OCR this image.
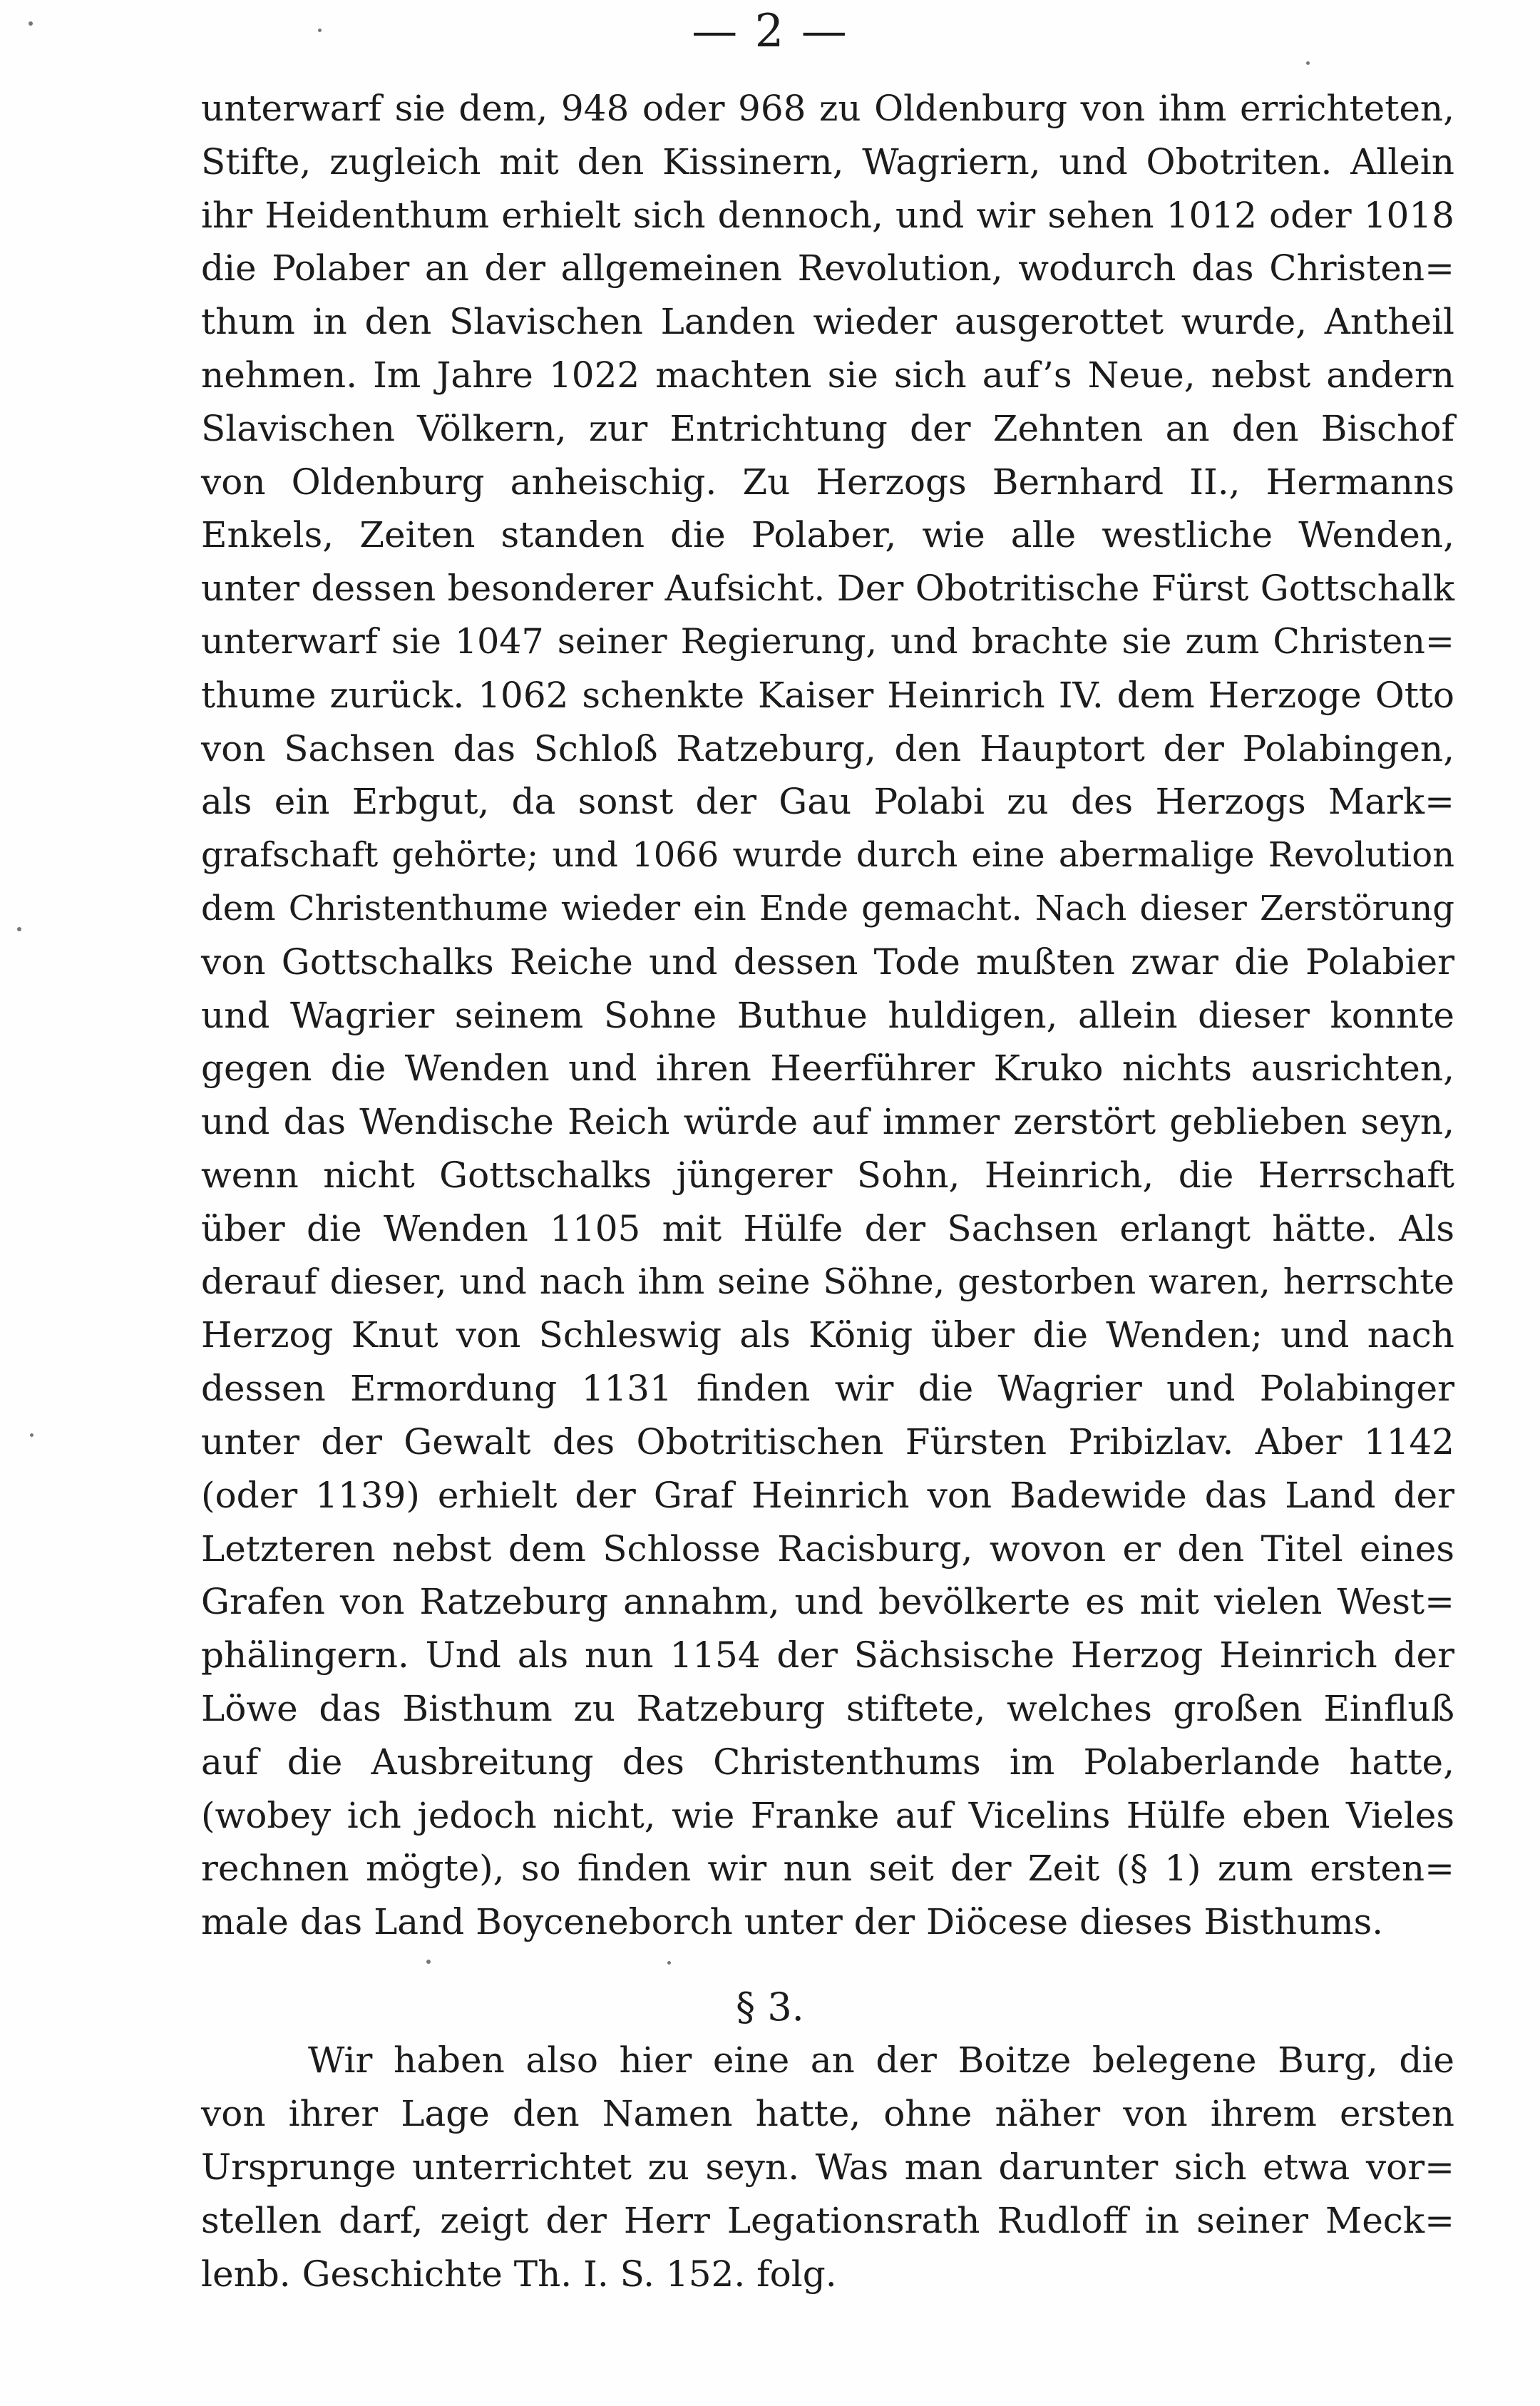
— 2 —
unterwarf sie dem, 948 oder 968 zu Oldenburg von ihm errichteten,
Stifte, zugleich mit den Kissinern, Wagriern, und Obotriten. Allein
ihr Heidenthum erhielt sich dennoch, und wir sehen 1012 oder 1018
die Polaber an der allgemeinen Revolution, wodurch das Christen=
thum in den Slavischen Landen wieder ausgerottet wurde, Antheil
nehmen. Im Jahre 1022 machten sie sich auf’s Neue, nebst andern
Slavischen Völkern, zur Entrichtung der Zehnten an den Bischof
von Oldenburg anheischig. Zu Herzogs Bernhard II., Hermanns
Enkels, Zeiten standen die Polaber, wie alle westliche Wenden,
unter dessen besonderer Aufsicht. Der Obotritische Fürst Gottschalk
unterwarf sie 1047 seiner Regierung, und brachte sie zum Christen=
thume zurück. 1062 schenkte Kaiser Heinrich IV. dem Herzoge Otto
von Sachsen das Schloß Ratzeburg, den Hauptort der Polabingen,
als ein Erbgut, da sonst der Gau Polabi zu des Herzogs Mark=
grafschaft gehörte; und 1066 wurde durch eine abermalige Revolution
dem Christenthume wieder ein Ende gemacht. Nach dieser Zerstörung
von Gottschalks Reiche und dessen Tode mußten zwar die Polabier
und Wagrier seinem Sohne Buthue huldigen, allein dieser konnte
gegen die Wenden und ihren Heerführer Kruko nichts ausrichten,
und das Wendische Reich würde auf immer zerstört geblieben seyn,
wenn nicht Gottschalks jüngerer Sohn, Heinrich, die Herrschaft
über die Wenden 1105 mit Hülfe der Sachsen erlangt hätte. Als
derauf dieser, und nach ihm seine Söhne, gestorben waren, herrschte
Herzog Knut von Schleswig als König über die Wenden; und nach
dessen Ermordung 1131 finden wir die Wagrier und Polabinger
unter der Gewalt des Obotritischen Fürsten Pribizlav. Aber 1142
(oder 1139) erhielt der Graf Heinrich von Badewide das Land der
Letzteren nebst dem Schlosse Racisburg, wovon er den Titel eines
Grafen von Ratzeburg annahm, und bevölkerte es mit vielen West=
phälingern. Und als nun 1154 der Sächsische Herzog Heinrich der
Löwe das Bisthum zu Ratzeburg stiftete, welches großen Einfluß
auf die Ausbreitung des Christenthums im Polaberlande hatte,
(wobey ich jedoch nicht, wie Franke auf Vicelins Hülfe eben Vieles
rechnen mögte), so finden wir nun seit der Zeit (§ 1) zum ersten=
male das Land Boyceneborch unter der Diöcese dieses Bisthums.
§ 3.
Wir haben also hier eine an der Boitze belegene Burg, die
von ihrer Lage den Namen hatte, ohne näher von ihrem ersten
Ursprunge unterrichtet zu seyn. Was man darunter sich etwa vor=
stellen darf, zeigt der Herr Legationsrath Rudloff in seiner Meck=
lenb. Geschichte Th. I. S. 152. folg.
